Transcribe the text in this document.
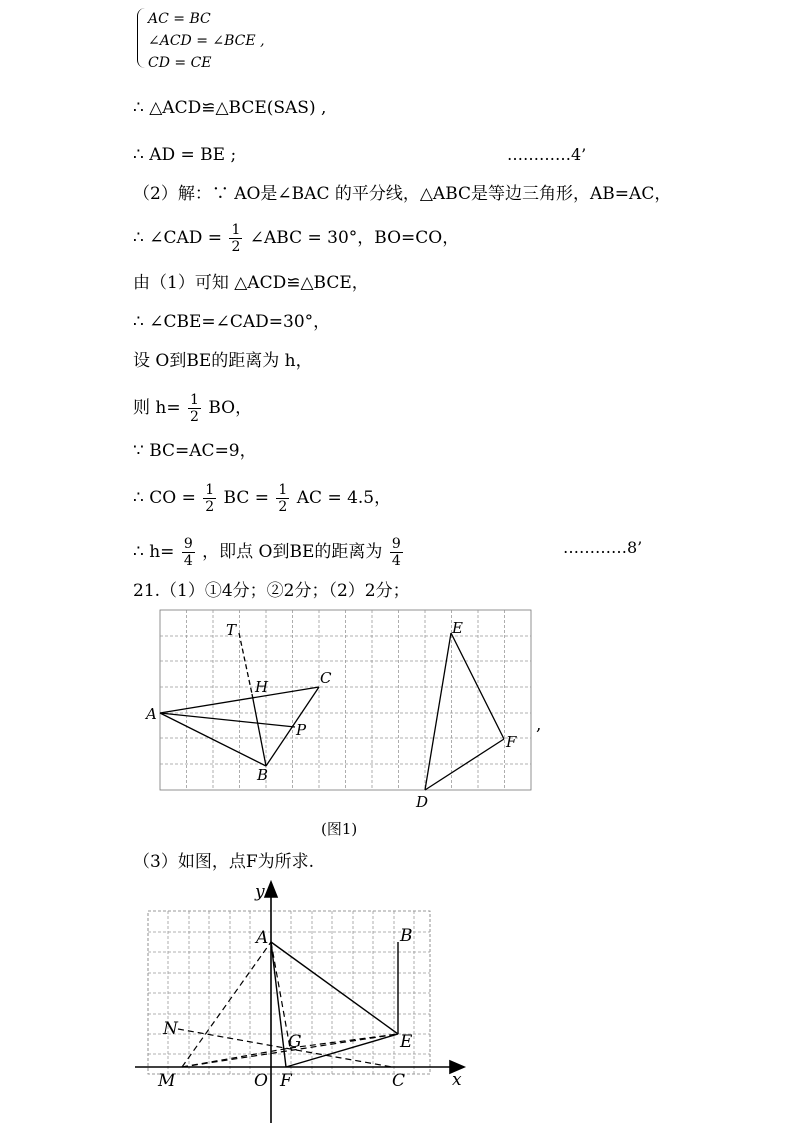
AC = BC
∠ACD = ∠BCE ,
CD = CE
∴ △ACD≌△BCE(SAS) ,
∴ AD = BE ;	…………4’
（2）解：∵ AO是∠BAC 的平分线，△ABC是等边三角形，AB=AC，
∴ ∠CAD = $\frac{1}{2}$ ∠ABC = 30°，BO=CO，
由（1）可知 △ACD≌△BCE，
∴ ∠CBE=∠CAD=30°，
设 O到BE的距离为 h，
则 $h= \frac{1}{2}$ BO，
∵ BC=AC=9，
∴ CO = $\frac{1}{2}$ BC = $\frac{1}{2}$ AC = 4.5，
∴ $h= \frac{9}{4}$ ，即点 O到BE的距离为 $\frac{9}{4}$	…………8’
21.（1）①4分；②2分；（2）2分；
T
H	C
A
P
B
E
F
D
,
(图1)
（3）如图，点F为所求.
y
x
A	B
N
G	E
M	O F	C
